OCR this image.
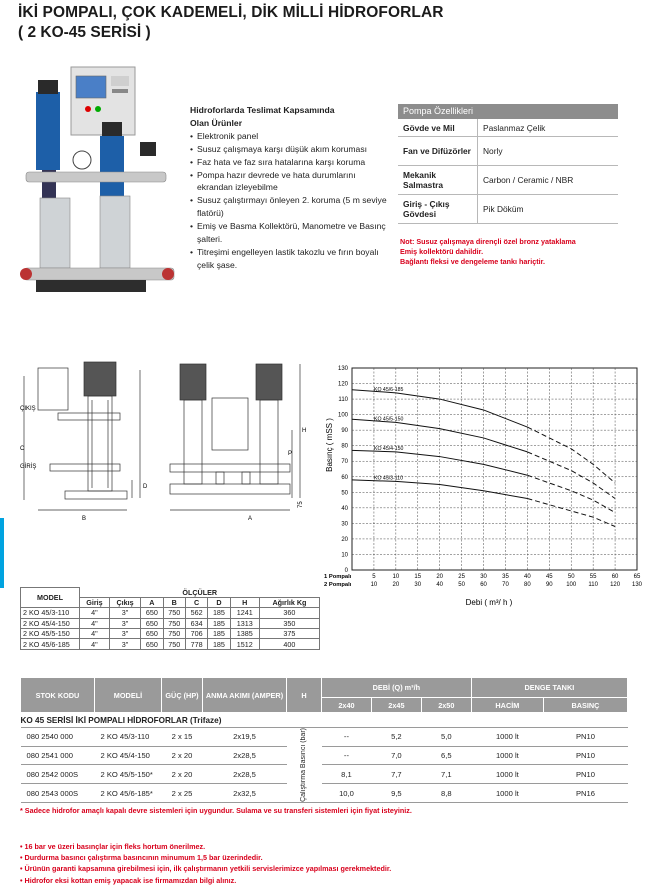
İKİ POMPALI, ÇOK KADEMELİ, DİK MİLLİ HİDROFORLAR
( 2 KO-45 SERİSİ )
Hidroforlarda Teslimat Kapsamında
Olan Ürünler
• Elektronik panel
• Susuz çalışmaya karşı düşük akım koruması
• Faz hata ve faz sıra hatalarına karşı koruma
• Pompa hazır devrede ve hata durumlarını ekrandan izleyebilme
• Susuz çalıştırmayı önleyen 2. koruma (5 m seviye flatörü)
• Emiş ve Basma Kollektörü, Manometre ve Basınç şalteri.
• Titreşimi engelleyen lastik takozlu ve fırın boyalı çelik şase.
Pompa Özellikleri
Gövde ve Mil	Paslanmaz Çelik
Fan ve Difüzörler	Norly
Mekanik Salmastra	Carbon / Ceramic / NBR
Giriş - Çıkış Gövdesi	Pik Döküm
Not: Susuz çalışmaya dirençli özel bronz yataklama
Emiş kollektörü dahildir.
Bağlantı fleksi ve dengeleme tankı hariçtir.
ÇIKIŞ
GİRİŞ
C
D
B	A
H
P
75
0
10
20
30
40
50
60
70
80
90
100
110
120
130
1 Pompalı
2 Pompalı
5	10	15	20	25	30	35	40	45	50	55	60	65
10	20	30	40	50	60	70	80	90 100 110 120 130
KO 45/6-185
KO 45/5-150
KO 45/4-150
KO 45/3-110
Basınç ( mSS )
Debi ( m³/ h )
MODEL	ÖLÇÜLER							
	Giriş	Çıkış	A	B	C	D	H	Ağırlık Kg
2 KO 45/3-110	4"	3"	650	750	562	185	1241	360
2 KO 45/4-150	4"	3"	650	750	634	185	1313	350
2 KO 45/5-150	4"	3"	650	750	706	185	1385	375
2 KO 45/6-185	4"	3"	650	750	778	185	1512	400
STOK KODU	MODELİ	GÜÇ (HP)	ANMA AKIMI (AMPER)	H	DEBİ (Q) m³/h			DENGE TANKI	
					2x40	2x45	2x50	HACİM	BASINÇ
KO 45 SERİSİ İKİ POMPALI HİDROFORLAR (Trifaze)									
080 2540 000	2 KO 45/3-110	2 x 15	2x19,5	Çalıştırma Basıncı (bar)	--	5,2	5,0	1000 lt	PN10
080 2541 000	2 KO 45/4-150	2 x 20	2x28,5		--	7,0	6,5	1000 lt	PN10
080 2542 000S	2 KO 45/5-150*	2 x 20	2x28,5		8,1	7,7	7,1	1000 lt	PN10
080 2543 000S	2 KO 45/6-185*	2 x 25	2x32,5		10,0	9,5	8,8	1000 lt	PN16
* Sadece hidrofor amaçlı kapalı devre sistemleri için uygundur. Sulama ve su transferi sistemleri için fiyat isteyiniz.
• 16 bar ve üzeri basınçlar için fleks hortum önerilmez.
• Durdurma basıncı çalıştırma basıncının minumum 1,5 bar üzerindedir.
• Ürünün garanti kapsamına girebilmesi için, ilk çalıştırmanın yetkili servislerimizce yapılması gerekmektedir.
• Hidrofor eksi kottan emiş yapacak ise firmamızdan bilgi alınız.
